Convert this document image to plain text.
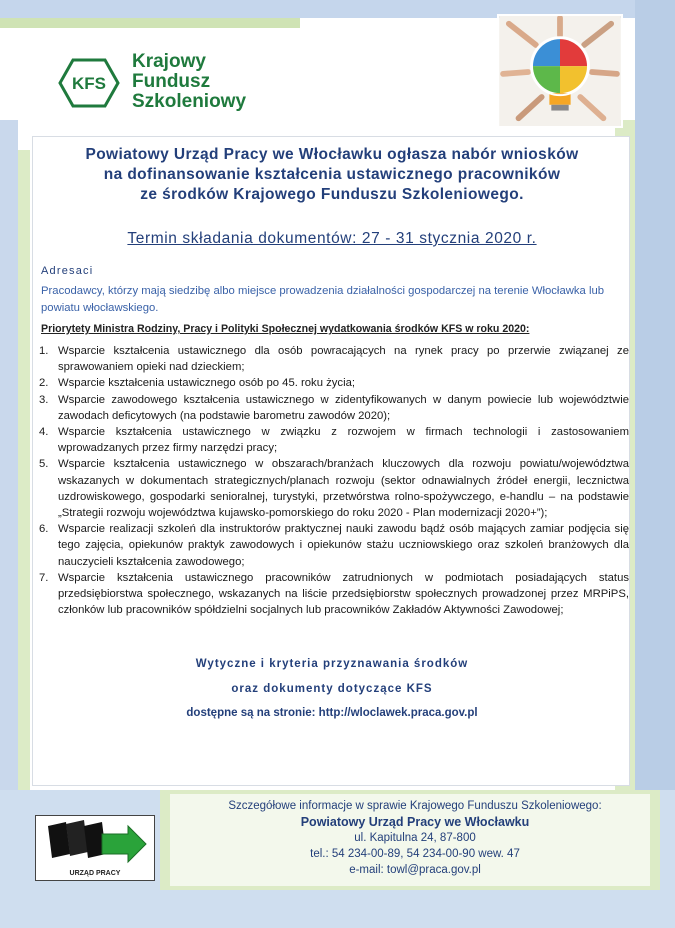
KFS
Krajowy
Fundusz
Szkoleniowy
Powiatowy Urząd Pracy we Włocławku ogłasza nabór wniosków
na dofinansowanie kształcenia ustawicznego pracowników
ze środków Krajowego Funduszu Szkoleniowego.
Termin składania dokumentów: 27 - 31 stycznia 2020 r.
Adresaci
Pracodawcy, którzy mają siedzibę albo miejsce prowadzenia działalności gospodarczej na terenie Włocławka lub powiatu włocławskiego.
Priorytety Ministra Rodziny, Pracy i Polityki Społecznej wydatkowania środków KFS w roku 2020:
1. Wsparcie kształcenia ustawicznego dla osób powracających na rynek pracy po przerwie związanej ze sprawowaniem opieki nad dzieckiem;
2. Wsparcie kształcenia ustawicznego osób po 45. roku życia;
3. Wsparcie zawodowego kształcenia ustawicznego w zidentyfikowanych w danym powiecie lub województwie zawodach deficytowych (na podstawie barometru zawodów 2020);
4. Wsparcie kształcenia ustawicznego w związku z rozwojem w firmach technologii i zastosowaniem wprowadzanych przez firmy narzędzi pracy;
5. Wsparcie kształcenia ustawicznego w obszarach/branżach kluczowych dla rozwoju powiatu/województwa wskazanych w dokumentach strategicznych/planach rozwoju (sektor odnawialnych źródeł energii, lecznictwa uzdrowiskowego, gospodarki senioralnej, turystyki, przetwórstwa rolno-spożywczego, e-handlu – na podstawie „Strategii rozwoju województwa kujawsko-pomorskiego do roku 2020 - Plan modernizacji 2020+”);
6. Wsparcie realizacji szkoleń dla instruktorów praktycznej nauki zawodu bądź osób mających zamiar podjęcia się tego zajęcia, opiekunów praktyk zawodowych i opiekunów stażu uczniowskiego oraz szkoleń branżowych dla nauczycieli kształcenia zawodowego;
7. Wsparcie kształcenia ustawicznego pracowników zatrudnionych w podmiotach posiadających status przedsiębiorstwa społecznego, wskazanych na liście przedsiębiorstw społecznych prowadzonej przez MRPiPS, członków lub pracowników spółdzielni socjalnych lub pracowników Zakładów Aktywności Zawodowej;
Wytyczne i kryteria przyznawania środków
oraz dokumenty dotyczące KFS
dostępne są na stronie: http://wloclawek.praca.gov.pl
URZĄD PRACY
Szczegółowe informacje w sprawie Krajowego Funduszu Szkoleniowego:
Powiatowy Urząd Pracy we Włocławku
ul. Kapitulna 24, 87-800
tel.: 54 234-00-89, 54 234-00-90 wew. 47
e-mail: towl@praca.gov.pl
